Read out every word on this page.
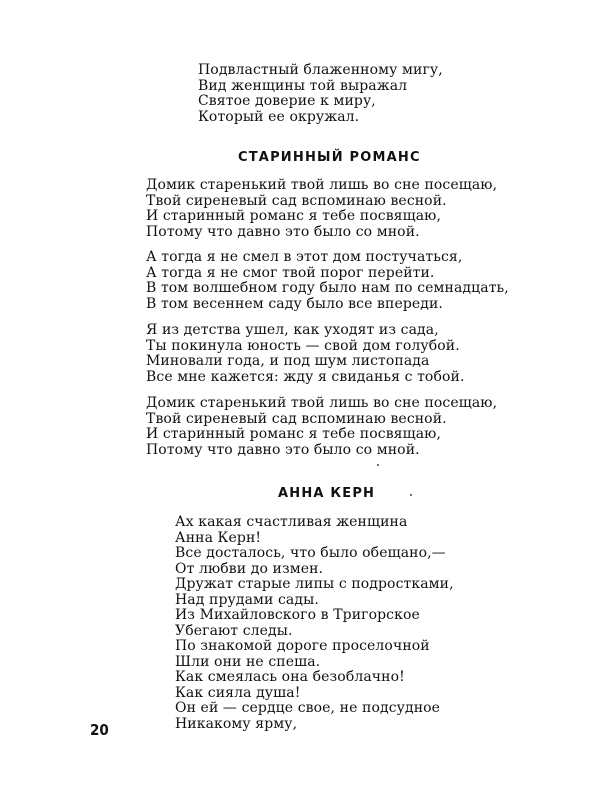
Подвластный блаженному мигу,
Вид женщины той выражал
Святое доверие к миру,
Который ее окружал.
СТАРИННЫЙ РОМАНС
Домик старенький твой лишь во сне посещаю,
Твой сиреневый сад вспоминаю весной.
И старинный романс я тебе посвящаю,
Потому что давно это было со мной.
А тогда я не смел в этот дом постучаться,
А тогда я не смог твой порог перейти.
В том волшебном году было нам по семнадцать,
В том весеннем саду было все впереди.
Я из детства ушел, как уходят из сада,
Ты покинула юность — свой дом голубой.
Миновали года, и под шум листопада
Все мне кажется: жду я свиданья с тобой.
Домик старенький твой лишь во сне посещаю,
Твой сиреневый сад вспоминаю весной.
И старинный романс я тебе посвящаю,
Потому что давно это было со мной.
АННА КЕРН
Ах какая счастливая женщина
Анна Керн!
Все досталось, что было обещано,—
От любви до измен.
Дружат старые липы с подростками,
Над прудами сады.
Из Михайловского в Тригорское
Убегают следы.
По знакомой дороге проселочной
Шли они не спеша.
Как смеялась она безоблачно!
Как сияла душа!
Он ей — сердце свое, не подсудное
Никакому ярму,
20
